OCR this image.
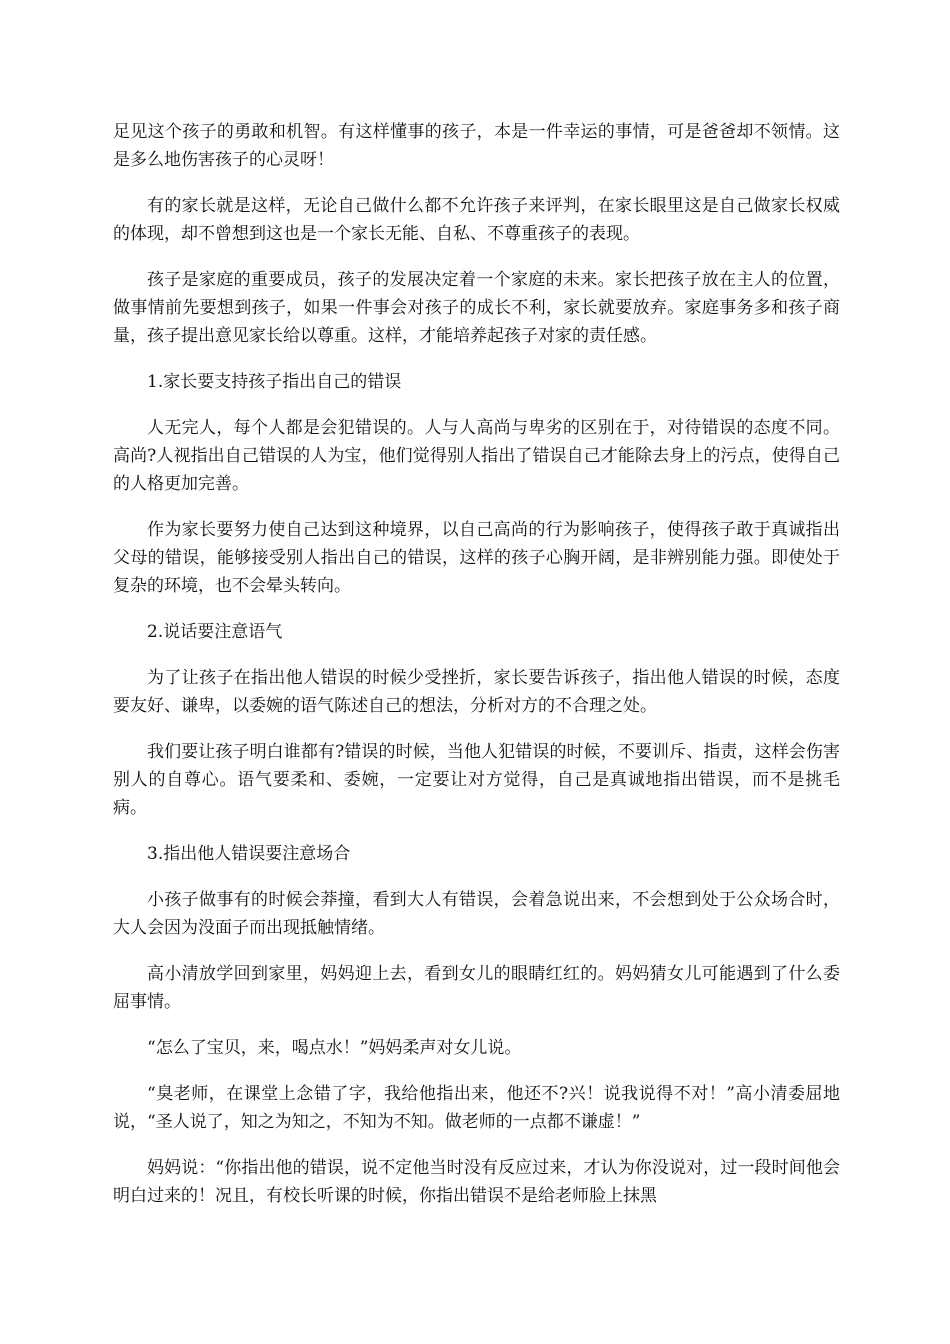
足见这个孩子的勇敢和机智。有这样懂事的孩子，本是一件幸运的事情，可是爸爸却不领情。这是多么地伤害孩子的心灵呀！

有的家长就是这样，无论自己做什么都不允许孩子来评判，在家长眼里这是自己做家长权威的体现，却不曾想到这也是一个家长无能、自私、不尊重孩子的表现。

孩子是家庭的重要成员，孩子的发展决定着一个家庭的未来。家长把孩子放在主人的位置，做事情前先要想到孩子，如果一件事会对孩子的成长不利，家长就要放弃。家庭事务多和孩子商量，孩子提出意见家长给以尊重。这样，才能培养起孩子对家的责任感。

1.家长要支持孩子指出自己的错误

人无完人，每个人都是会犯错误的。人与人高尚与卑劣的区别在于，对待错误的态度不同。高尚?人视指出自己错误的人为宝，他们觉得别人指出了错误自己才能除去身上的污点，使得自己的人格更加完善。

作为家长要努力使自己达到这种境界，以自己高尚的行为影响孩子，使得孩子敢于真诚指出父母的错误，能够接受别人指出自己的错误，这样的孩子心胸开阔，是非辨别能力强。即使处于复杂的环境，也不会晕头转向。

2.说话要注意语气

为了让孩子在指出他人错误的时候少受挫折，家长要告诉孩子，指出他人错误的时候，态度要友好、谦卑，以委婉的语气陈述自己的想法，分析对方的不合理之处。

我们要让孩子明白谁都有?错误的时候，当他人犯错误的时候，不要训斥、指责，这样会伤害别人的自尊心。语气要柔和、委婉，一定要让对方觉得，自己是真诚地指出错误，而不是挑毛病。

3.指出他人错误要注意场合

小孩子做事有的时候会莽撞，看到大人有错误，会着急说出来，不会想到处于公众场合时，大人会因为没面子而出现抵触情绪。

高小清放学回到家里，妈妈迎上去，看到女儿的眼睛红红的。妈妈猜女儿可能遇到了什么委屈事情。

“怎么了宝贝，来，喝点水！”妈妈柔声对女儿说。

“臭老师，在课堂上念错了字，我给他指出来，他还不?兴！说我说得不对！”高小清委屈地说，“圣人说了，知之为知之，不知为不知。做老师的一点都不谦虚！”

妈妈说：“你指出他的错误，说不定他当时没有反应过来，才认为你没说对，过一段时间他会明白过来的！况且，有校长听课的时候，你指出错误不是给老师脸上抹黑
